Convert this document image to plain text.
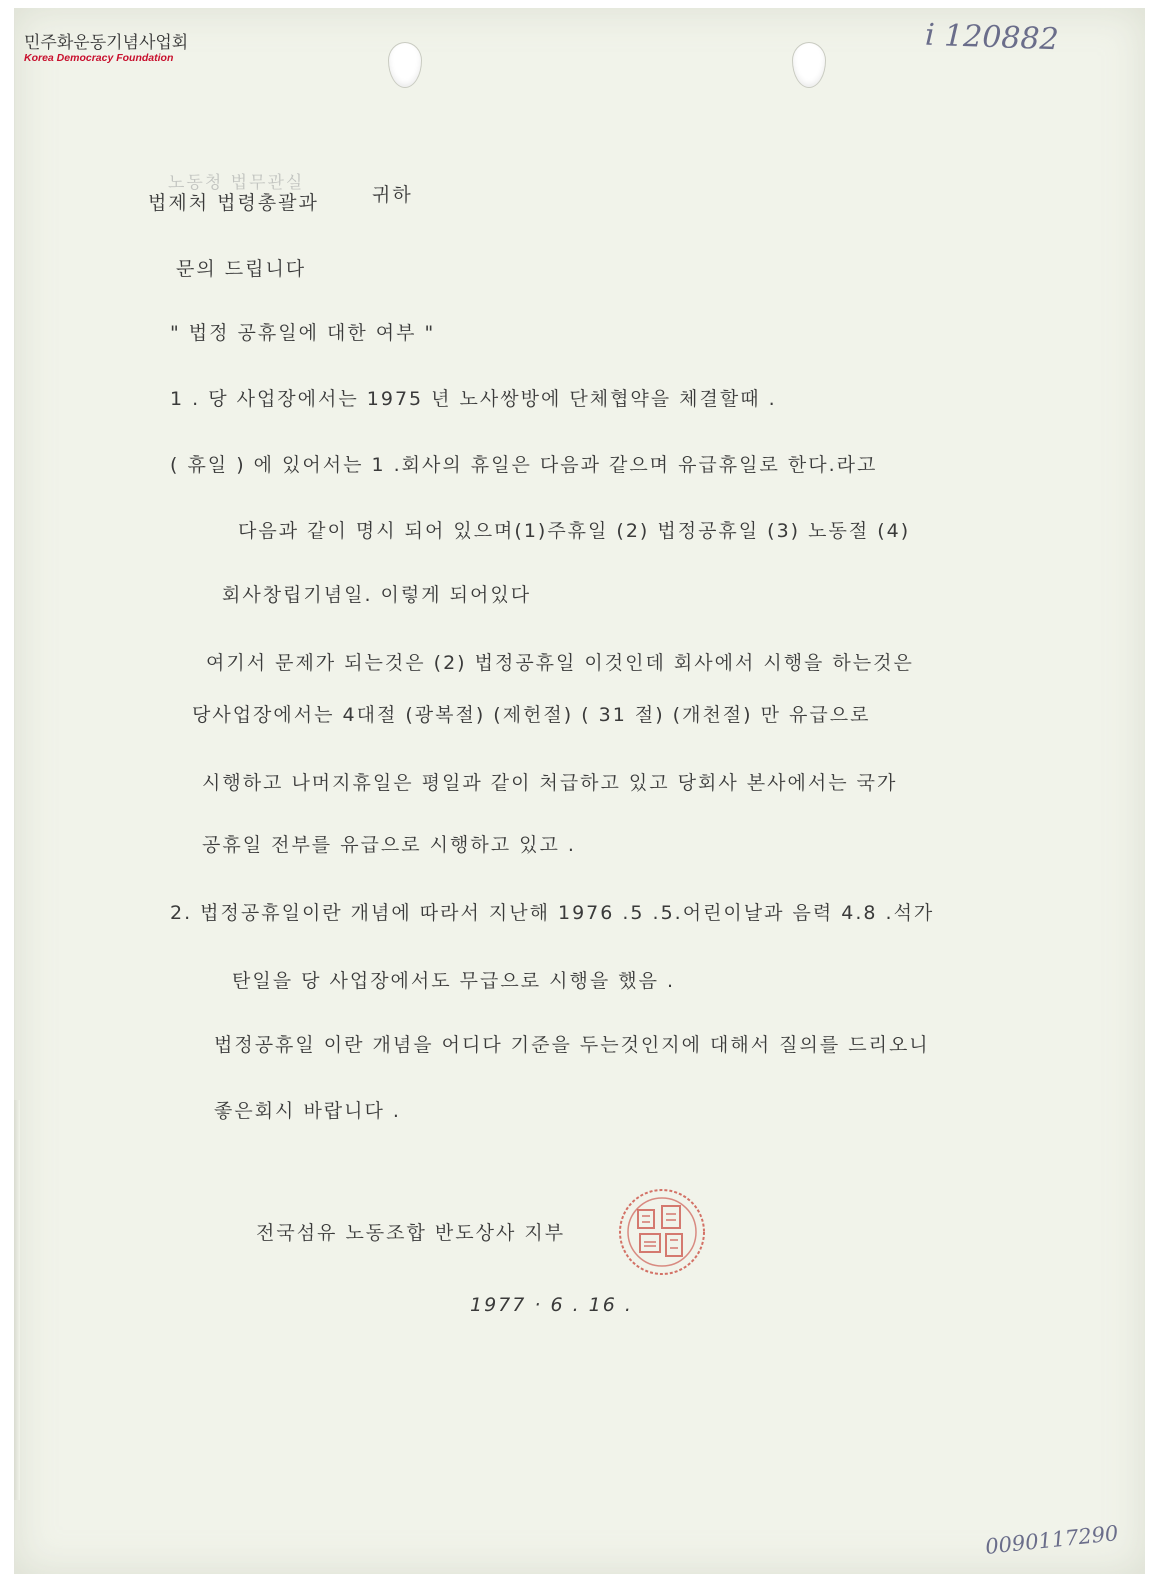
민주화운동기념사업회
Korea Democracy Foundation
i 120882
0090117290
노동청 법무관실
법제처 법령총괄과	귀하
문의 드립니다
" 법정 공휴일에 대한 여부 "
1 . 당 사업장에서는 1975 년 노사쌍방에 단체협약을 체결할때 .
( 휴일 ) 에 있어서는 1 .회사의 휴일은 다음과 같으며 유급휴일로 한다.라고
다음과 같이 명시 되어 있으며(1)주휴일 (2) 법정공휴일 (3) 노동절 (4)
회사창립기념일. 이렇게 되어있다
여기서 문제가 되는것은 (2) 법정공휴일 이것인데 회사에서 시행을 하는것은
당사업장에서는 4대절 (광복절) (제헌절) ( 31 절) (개천절) 만 유급으로
시행하고 나머지휴일은 평일과 같이 처급하고 있고 당회사 본사에서는 국가
공휴일 전부를 유급으로 시행하고 있고 .
2. 법정공휴일이란 개념에 따라서 지난해 1976 .5 .5.어린이날과 음력 4.8 .석가
탄일을 당 사업장에서도 무급으로 시행을 했음 .
법정공휴일 이란 개념을 어디다 기준을 두는것인지에 대해서 질의를 드리오니
좋은회시 바랍니다 .
전국섬유 노동조합 반도상사 지부
1977 · 6 . 16 .
